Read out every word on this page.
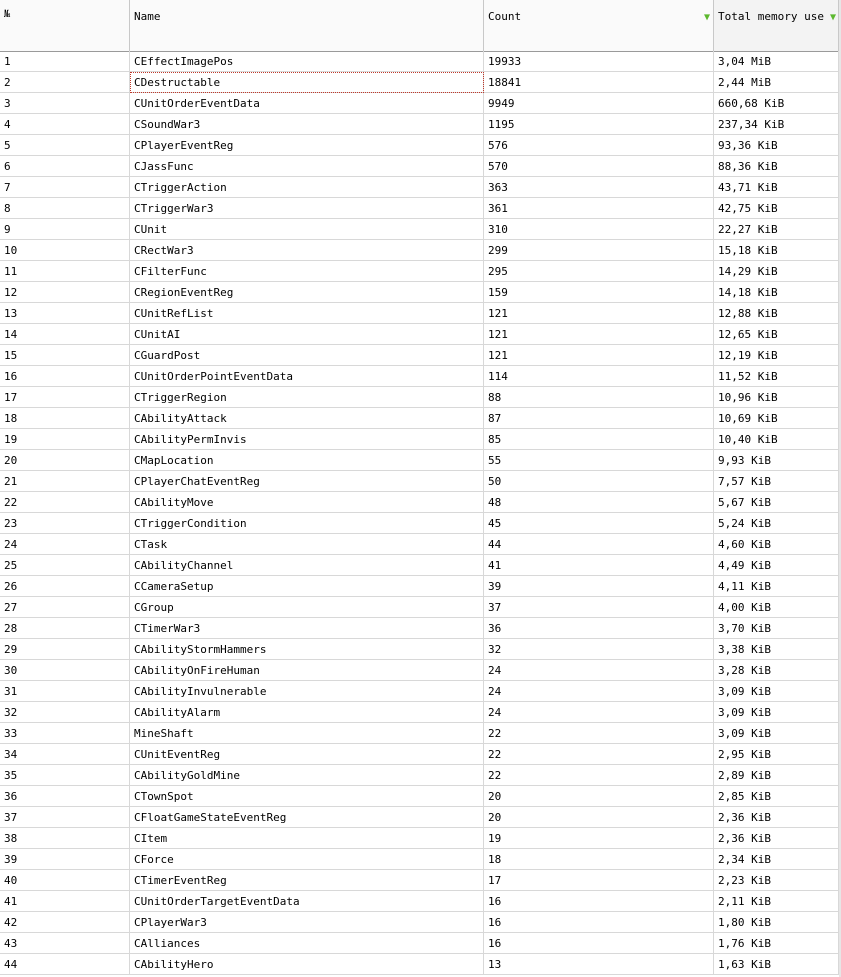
№	Name	Count	▼ Total memory use ▼
1	CEffectImagePos	19933	3,04 MiB
2	CDestructable	18841	2,44 MiB
3	CUnitOrderEventData	9949	660,68 KiB
4	CSoundWar3	1195	237,34 KiB
5	CPlayerEventReg	576	93,36 KiB
6	CJassFunc	570	88,36 KiB
7	CTriggerAction	363	43,71 KiB
8	CTriggerWar3	361	42,75 KiB
9	CUnit	310	22,27 KiB
10	CRectWar3	299	15,18 KiB
11	CFilterFunc	295	14,29 KiB
12	CRegionEventReg	159	14,18 KiB
13	CUnitRefList	121	12,88 KiB
14	CUnitAI	121	12,65 KiB
15	CGuardPost	121	12,19 KiB
16	CUnitOrderPointEventData	114	11,52 KiB
17	CTriggerRegion	88	10,96 KiB
18	CAbilityAttack	87	10,69 KiB
19	CAbilityPermInvis	85	10,40 KiB
20	CMapLocation	55	9,93 KiB
21	CPlayerChatEventReg	50	7,57 KiB
22	CAbilityMove	48	5,67 KiB
23	CTriggerCondition	45	5,24 KiB
24	CTask	44	4,60 KiB
25	CAbilityChannel	41	4,49 KiB
26	CCameraSetup	39	4,11 KiB
27	CGroup	37	4,00 KiB
28	CTimerWar3	36	3,70 KiB
29	CAbilityStormHammers	32	3,38 KiB
30	CAbilityOnFireHuman	24	3,28 KiB
31	CAbilityInvulnerable	24	3,09 KiB
32	CAbilityAlarm	24	3,09 KiB
33	MineShaft	22	3,09 KiB
34	CUnitEventReg	22	2,95 KiB
35	CAbilityGoldMine	22	2,89 KiB
36	CTownSpot	20	2,85 KiB
37	CFloatGameStateEventReg	20	2,36 KiB
38	CItem	19	2,36 KiB
39	CForce	18	2,34 KiB
40	CTimerEventReg	17	2,23 KiB
41	CUnitOrderTargetEventData	16	2,11 KiB
42	CPlayerWar3	16	1,80 KiB
43	CAlliances	16	1,76 KiB
44	CAbilityHero	13	1,63 KiB
